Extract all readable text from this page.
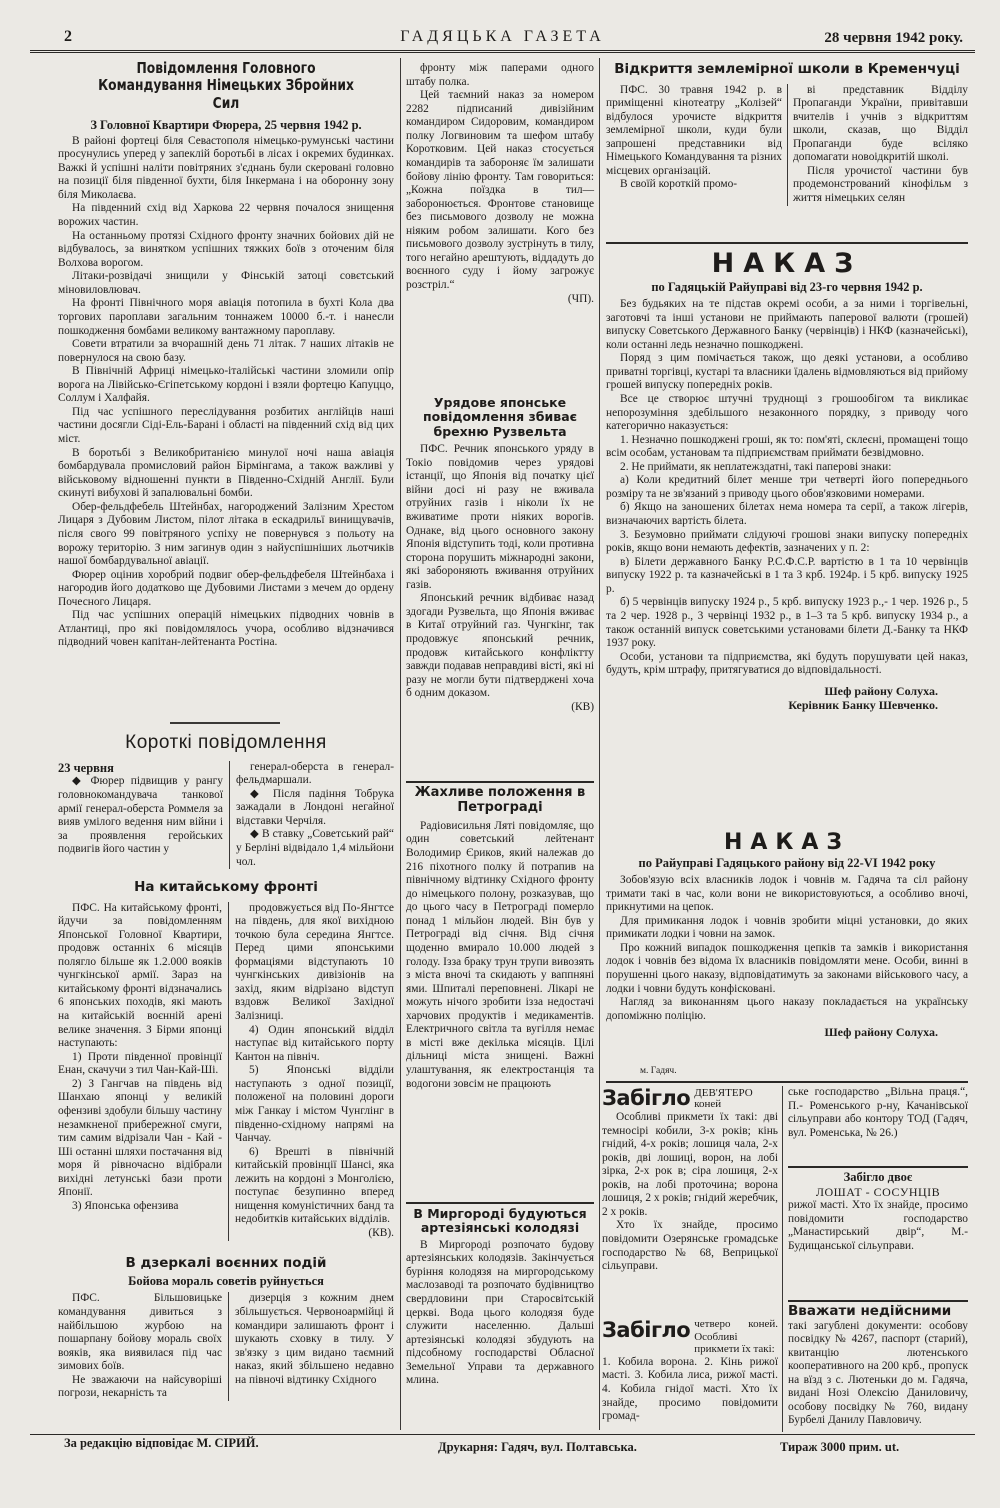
2	ГАДЯЦЬКА ГАЗЕТА	28 червня 1942 року.
Повідомлення Головного Командування Німецьких Збройних Сил
З Головної Квартири Фюрера, 25 червня 1942 р.

В районі фортеці біля Севастополя німецько-румунські частини просунулись уперед у запеклій боротьбі в лісах і окремих будинках. Важкі й успішні наліти повітряних з'єднань були скеровані головно на позиції біля південної бухти, біля Інкермана і на оборонну зону біля Миколаєва.

На південний схід від Харкова 22 червня почалося знищення ворожих частин.

На останньому протязі Східного фронту значних бойових дій не відбувалось, за винятком успішних тяжких боїв з оточеним біля Волхова ворогом.

Літаки-розвідачі знищили у Фінській затоці совєтський міновиловлювач.

На фронті Північного моря авіація потопила в бухті Кола два торгових пароплави загальним тоннажем 10000 б.-т. і нанесли пошкодження бомбами великому вантажному пароплаву.

Совети втратили за вчорашній день 71 літак. 7 наших літаків не повернулося на свою базу.

В Північній Африці німецько-італійські частини зломили опір ворога на Лівійсько-Єгіпетському кордоні і взяли фортецю Капуццо, Соллум і Халфайя.

Під час успішного переслідування розбитих англійців наші частини досягли Сіді-Ель-Барані і області на південний схід від цих міст.

В боротьбі з Великобританією минулої ночі наша авіація бомбардувала промисловий район Бірмінгама, а також важливі у військовому відношенні пункти в Південно-Східній Англії. Були скинуті вибухові й запалювальні бомби.

Обер-фельдфебель Штейнбах, нагороджений Залізним Хрестом Лицаря з Дубовим Листом, пілот літака в ескадрильї винищувачів, після свого 99 повітряного успіху не повернувся з польоту на ворожу територію. З ним загинув один з найуспішніших льотчиків нашої бомбардувальної авіації.

Фюрер оцінив хоробрий подвиг обер-фельдфебеля Штейнбаха і нагородив його додатково ще Дубовими Листами з мечем до ордену Почесного Лицаря.

Під час успішних операцій німецьких підводних човнів в Атлантиці, про які повідомлялось учора, особливо відзначився підводний човен капітан-лейтенанта Ростіна.

Короткі повідомлення
23 червня

◆ Фюрер підвищив у рангу головнокомандувача танкової армії генерал-оберста Роммеля за вияв умілого ведення ним війни і за проявлення геройських подвигів його частин у

генерал-оберста в генерал-фельдмаршали.

◆ Після падіння Тобрука зажадали в Лондоні негайної відставки Черчіля.

◆ В ставку „Советський рай“ у Берліні відвідало 1,4 мільйони чол.

На китайському фронті

ПФС. На китайському фронті, йдучи за повідомленням Японської Головної Квартири, продовж останніх 6 місяців полягло більше як 1.2.000 вояків чунгкінської армії. Зараз на китайському фронті відзначались 6 японських походів, які мають на китайській воєнній арені велике значення. З Бірми японці наступають:

1) Проти південної провінції Енан, скачучи з тил Чан-Кай-Ші.

2) З Гангчав на південь від Шанхаю японці у великій офензиві здобули більшу частину незамкненої прибережної смуги, тим самим відрізали Чан - Кай - Ші останні шляхи постачання від моря й рівночасно відібрали вихідні летунські бази проти Японії.

3) Японська офензива

продовжується від По-Янгтсе на південь, для якої вихідною точкою була середина Янгтсе. Перед цими японськими формаціями відступають 10 чунгкінських дивізіонів на захід, яким відрізано відступ вздовж Великої Західної Залізниці.

4) Один японський відділ наступає від китайського порту Кантон на північ.

5) Японські відділи наступають з одної позиції, положеної на половині дороги між Ганкау і містом Чунглінг в південно-східному напрямі на Чанчау.

6) Врешті в північній китайській провінції Шансі, яка лежить на кордоні з Монголією, поступає безупинно вперед нищення комуністичних банд та недобитків китайських відділів.

(КВ).
В дзеркалі воєнних подій
Бойова мораль советів руйнується

ПФС. Більшовицьке командування дивиться з найбільшою журбою на пошарпану бойову мораль своїх вояків, яка виявилася під час зимових боїв.

Не зважаючи на найсуворіші погрози, некарність та

дизерція з кожним днем збільшується. Червоноармійці й командири залишають фронт і шукають сховку в тилу. У зв'язку з цим видано таємний наказ, який збільшено недавно на півночі відтинку Східного

фронту між паперами одного штабу полка.

Цей таємний наказ за номером 2282 підписаний дивізійним командиром Сидоровим, командиром полку Логвиновим та шефом штабу Коротковим. Цей наказ стосується командирів та забороняє їм залишати бойову лінію фронту. Там говориться: „Кожна поїздка в тил—заборонюється. Фронтове становище без письмового дозволу не можна ніяким робом залишати. Кого без письмового дозволу зустрінуть в тилу, того негайно арештують, віддадуть до воєнного суду і йому загрожує розстріл.“

(ЧП).
Урядове японське повідомлення збиває брехню Рузвельта

ПФС. Речник японського уряду в Токіо повідомив через урядові істанції, що Японія від початку цієї війни досі ні разу не вживала отруйних газів і ніколи їх не вживатиме проти ніяких ворогів. Однаке, від цього основного закону Японія відступить тоді, коли противна сторона порушить міжнародні закони, які забороняють вживання отруйних газів.

Японський речник відбиває назад здогади Рузвельта, що Японія вживає в Китаї отруйний газ. Чунгкінг, так продовжує японський речник, продовж китайського конфліктту завжди подавав неправдиві вісті, які ні разу не могли бути підтверджені хоча б одним доказом.

(КВ)
Жахливе положення в Петрограді

Радіовисильня Ляті повідомляє, що один советський лейтенант Володимир Єриков, який належав до 216 піхотного полку й потрапив на північному відтинку Східного фронту до німецького полону, розказував, що до цього часу в Петрограді померло понад 1 мільйон людей. Він був у Петрограді від січня. Від січня щоденно вмирало 10.000 людей з голоду. Ізза браку трун трупи вивозять з міста вночі та скидають у ваппняні ями. Шпиталі переповнені. Лікарі не можуть нічого зробити ізза недостачі харчових продуктів і медикаментів. Електричного світла та вугілля немає в місті вже декілька місяців. Цілі дільниці міста знищені. Важні улаштування, як електростанція та водогони зовсім не працюють

В Миргороді будуються артезіянські колодязі

В Миргороді розпочато будову артезіянських колодязів. Закінчується буріння колодязя на миргородському маслозаводі та розпочато будівництво свердловини при Старосвітській церкві. Вода цього колодязя буде служити населенню. Дальші артезіянські колодязі збудують на підсобному господарстві Обласної Земельної Управи та державного млина.

Відкриття землемірної школи в Кременчуці

ПФС. 30 травня 1942 р. в приміщенні кінотеатру „Колізей“ відбулося урочисте відкриття землемірної школи, куди були запрошені представники від Німецького Командування та різних місцевих організацій.

В своїй короткій промо-

ві представник Відділу Пропаганди України, привітавши вчителів і учнів з відкриттям школи, сказав, що Відділ Пропаганди буде всіляко допомагати новоідкритій школі.

Після урочистої частини був продемонстрований кінофільм з життя німецьких селян

НАКАЗ
по Гадяцькій Райуправі від 23-го червня 1942 р.

Без будьяких на те підстав окремі особи, а за ними і торгівельні, заготовчі та інші установи не приймають паперової валюти (грошей) випуску Советського Державного Банку (червінців) і НКФ (казначейські), коли останні ледь незначно пошкоджені.

Поряд з цим помічається також, що деякі установи, а особливо приватні торгівці, кустарі та власники їдалень відмовляються від прийому грошей випуску попередніх років.

Все це створює штучні труднощі з грошообігом та викликає непорозуміння здебільшого незаконного порядку, з приводу чого категорично наказується:

1. Незначно пошкоджені гроші, як то: пом'яті, склеєні, промащені тощо всім особам, установам та підприємствам приймати безвідмовно.

2. Не приймати, як неплатежздатні, такі паперові знаки:

а) Коли кредитний білет менше три четверті його попереднього розміру та не зв'язаний з приводу цього обов'язковими номерами.

б) Якщо на заношених білетах нема номера та серії, а також лігерів, визначаючих вартість білета.

3. Безумовно приймати слідуючі грошові знаки випуску попередніх років, якщо вони немають дефектів, зазначених у п. 2:

в) Білети державного Банку Р.С.Ф.С.Р. вартістю в 1 та 10 червінців випуску 1922 р. та казначейські в 1 та 3 крб. 1924р. і 5 крб. випуску 1925 р.

б) 5 червінців випуску 1924 р., 5 крб. випуску 1923 р.,- 1 чер. 1926 р., 5 та 2 чер. 1928 р., 3 червінці 1932 р., в 1–3 та 5 крб. випуску 1934 р., а також останній випуск советськими установами білети Д.-Банку та НКФ 1937 року.

Особи, установи та підприємства, які будуть порушувати цей наказ, будуть, крім штрафу, притягуватися до відповідальності.

Шеф району Солуха.
Керівник Банку Шевченко.
НАКАЗ
по Райуправі Гадяцького району від 22-VI 1942 року

Зобов'язую всіх власників лодок і човнів м. Гадяча та сіл району тримати такі в час, коли вони не використовуються, а особливо вночі, прикнутими на цепок.

Для примикання лодок і човнів зробити міцні установки, до яких примикати лодки і човни на замок.

Про кожний випадок пошкодження цепків та замків і використання лодок і човнів без відома їх власників повідомляти мене. Особи, винні в порушенні цього наказу, відповідатимуть за законами військового часу, а лодки і човни будуть конфісковані.

Нагляд за виконанням цього наказу покладається на українську допоміжню поліцію.

Шеф району Солуха.
м. Гадяч.
Забігло ДЕВ'ЯТЕРО коней

Особливі прикмети їх такі: дві темносірі кобили, 3-х років; кінь гнідий, 4-х років; лошиця чала, 2-х років, дві лошиці, ворон, на лобі зірка, 2-х рок в; сіра лошиця, 2-х років, на лобі проточина; ворона лошиця, 2 х років; гнідий жеребчик, 2 х років.

Хто їх знайде, просимо повідомити Озерянське громадське господарство № 68, Веприцької сільуправи.

Забігло четверо коней. Особливі прикмети їх такі:

1. Кобила ворона. 2. Кінь рижої масті. 3. Кобила лиса, рижої масті. 4. Кобила гнідої масті. Хто їх знайде, просимо повідомити громад-

ське господарство „Вільна праця.“, П.- Роменського р-ну, Качанівської сільуправи або контору ТОД (Гадяч, вул. Роменська, № 26.)

Забігло двоє
ЛОШАТ - СОСУНЦІВ

рижої масті. Хто їх знайде, просимо повідомити господарство „Манастирський двір“, М.-Будищанської сільуправи.

Вважати недійсними

такі загублені документи: особову посвідку № 4267, паспорт (старий), квитанцію лютенського кооперативного на 200 крб., пропуск на вїзд з с. Лютеньки до м. Гадяча, видані Нозі Олексію Даниловичу, особову посвідку № 760, видану Бурбелі Данилу Павловичу.

За редакцію відповідає М. СІРИЙ.	Друкарня: Гадяч, вул. Полтавська.	Тираж 3000 прим. ut.
